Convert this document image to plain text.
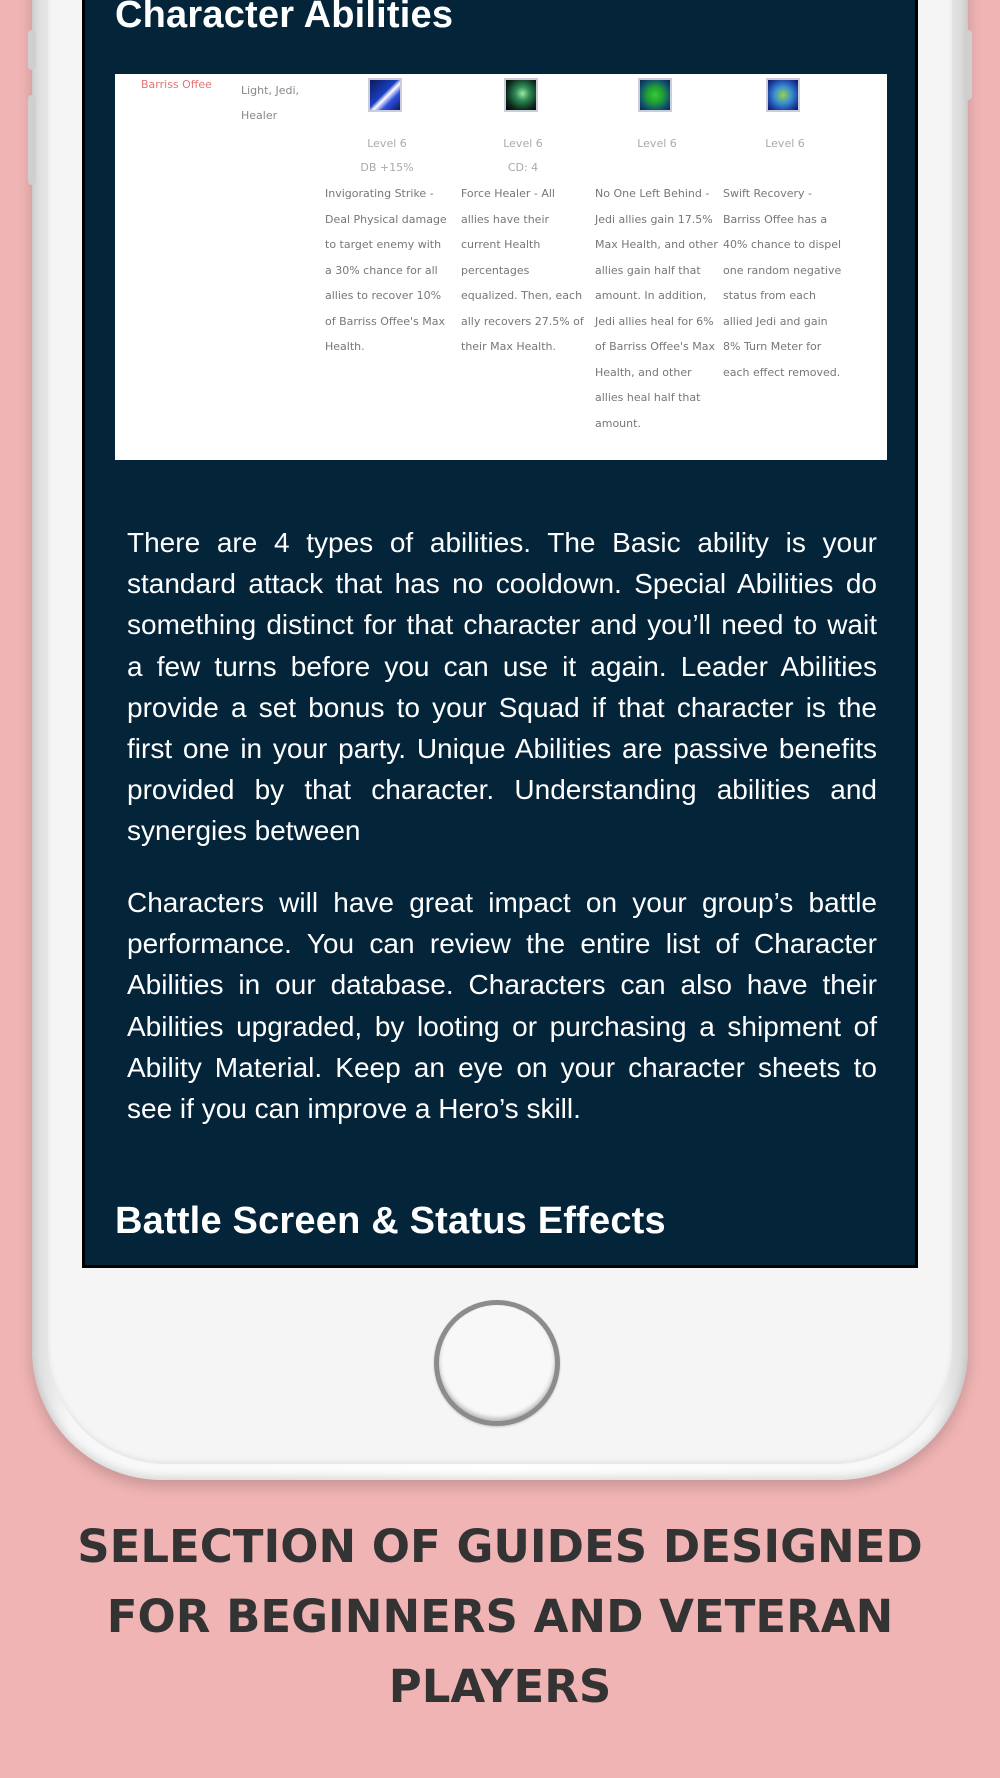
Character Abilities
Barriss Offee	Light, Jedi, Healer
Level 6
DB +15%
Invigorating Strike - Deal Physical damage to target enemy with a 30% chance for all allies to recover 10% of Barriss Offee's Max Health.
Level 6
CD: 4
Force Healer - All allies have their current Health percentages equalized. Then, each ally recovers 27.5% of their Max Health.
Level 6
No One Left Behind - Jedi allies gain 17.5% Max Health, and other allies gain half that amount. In addition, Jedi allies heal for 6% of Barriss Offee's Max Health, and other allies heal half that amount.
Level 6
Swift Recovery - Barriss Offee has a 40% chance to dispel one random negative status from each allied Jedi and gain 8% Turn Meter for each effect removed.

There are 4 types of abilities. The Basic ability is your standard attack that has no cooldown. Special Abilities do something distinct for that character and you’ll need to wait a few turns before you can use it again. Leader Abilities provide a set bonus to your Squad if that character is the first one in your party. Unique Abilities are passive benefits provided by that character. Understanding abilities and synergies between

Characters will have great impact on your group’s battle performance. You can review the entire list of Character Abilities in our database. Characters can also have their Abilities upgraded, by looting or purchasing a shipment of Ability Material. Keep an eye on your character sheets to see if you can improve a Hero’s skill.

Battle Screen & Status Effects

SELECTION OF GUIDES DESIGNED
FOR BEGINNERS AND VETERAN
PLAYERS
